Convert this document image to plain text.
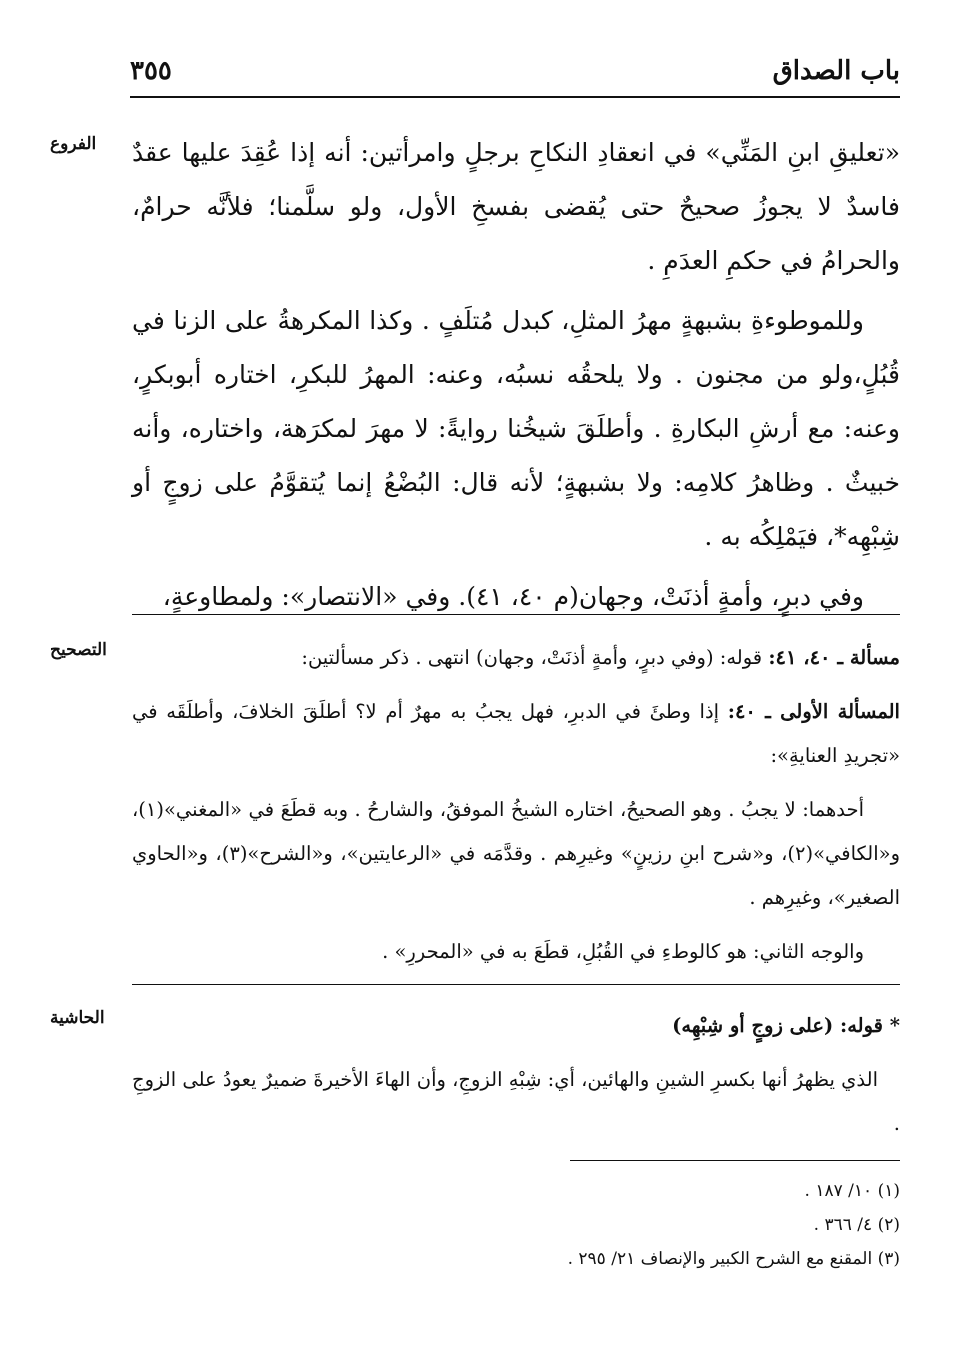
باب الصداق
٣٥٥
الفروع «تعليقِ ابنِ المَنِّي» في انعقادِ النكاحِ برجلٍ وامرأتين: أنه إذا عُقِدَ عليها عقدٌ فاسدٌ لا يجوزُ صحيحٌ حتى يُقضى بفسخِ الأول، ولو سلَّمنا؛ فلأنَّه حرامٌ، والحرامُ في حكمِ العدَمِ .

وللموطوءةِ بشبهةٍ مهرُ المثلِ، كبدل مُتلَفٍ . وكذا المكرهةُ على الزنا في قُبُلٍ،ولو من مجنون . ولا يلحقُه نسبُه، وعنه: المهرُ للبكرِ، اختاره أبوبكرٍ، وعنه: مع أرشِ البكارةِ . وأطلَقَ شيخُنا روايةً: لا مهرَ لمكرَهة، واختاره، وأنه خبيثٌ . وظاهرُ كلامِه: ولا بشبهةٍ؛ لأنه قال: البُضْعُ إنما يُتقوَّمُ على زوجٍ أو شِبْهِه*، فيَمْلِكُه به .

وفي دبرٍ، وأمةٍ أذنَتْ، وجهان(م ٤٠، ٤١). وفي «الانتصار»: ولمطاوعةٍ،

التصحيح	مسألة ـ ٤٠، ٤١: قوله: (وفي دبرٍ، وأمةٍ أذنَتْ، وجهان) انتهى . ذكر مسألتين:

المسألة الأولى ـ ٤٠: إذا وطئَ في الدبرِ، فهل يجبُ به مهرٌ أم لا؟ أطلَقَ الخلافَ، وأطلَقَه في «تجريدِ العنايةِ»:

أحدهما: لا يجبُ . وهو الصحيحُ، اختاره الشيخُ الموفقُ، والشارحُ . وبه قطَعَ في «المغني»(١)، و«الكافي»(٢)، و«شرح ابنِ رزينٍ» وغيرِهم . وقدَّمَه في «الرعايتين»، و«الشرح»(٣)، و«الحاوي الصغير»، وغيرِهم .

والوجه الثاني: هو كالوطءِ في القُبُلِ، قطَعَ به في «المحررِ» .

الحاشية	* قوله: (على زوجٍ أو شِبْهِه)

الذي يظهرُ أنها بكسرِ الشينِ والهائين، أي: شِبْهِ الزوجِ، وأن الهاءَ الأخيرةَ ضميرٌ يعودُ على الزوجِ .

(١) ١٠/ ١٨٧ .
(٢) ٤/ ٣٦٦ .
(٣) المقنع مع الشرح الكبير والإنصاف ٢١/ ٢٩٥ .
